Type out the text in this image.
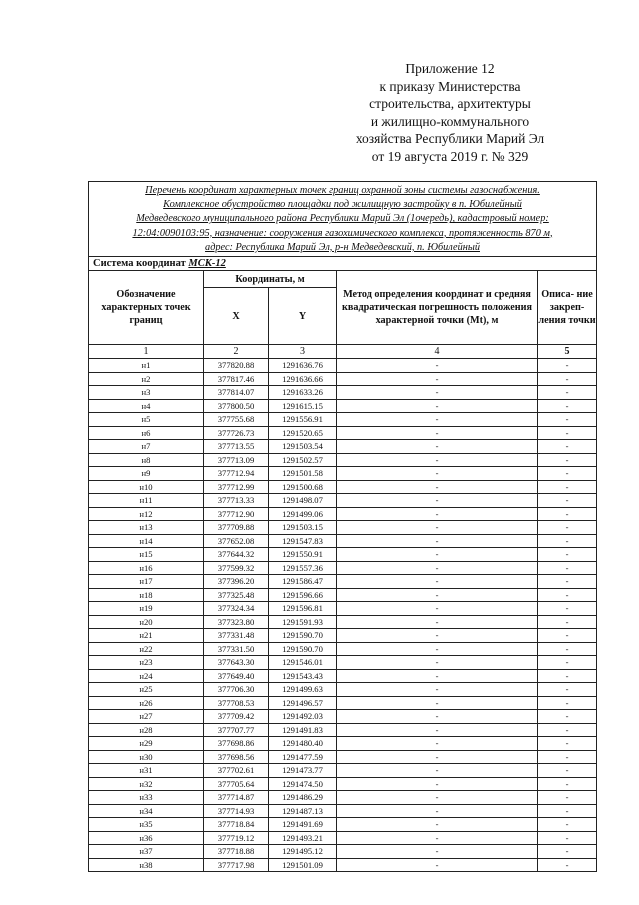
Приложение 12
к приказу Министерства
строительства, архитектуры
и жилищно-коммунального
хозяйства Республики Марий Эл
от 19 августа 2019 г. № 329
Перечень координат характерных точек границ охранной зоны системы газоснабжения.
Комплексное обустройство площадки под жилищную застройку в п. Юбилейный
Медведевского муниципального района Республики Марий Эл (1очередь), кадастровый номер:
12:04:0090103:95, назначение: сооружения газохимического комплекса, протяженность 870 м,
адрес: Республика Марий Эл, р-н Медведевский, п. Юбилейный				

Система координат МСК-12				
Обозначение характерных точек границ	Координаты, м		Метод определения координат и средняя квадратическая погрешность положения характерной точки (Mt), м	Описа- ние закреп- ления точки
	X	Y		
1	2	3	4	5
н1	377820.88	1291636.76	-	-
н2	377817.46	1291636.66	-	-
н3	377814.07	1291633.26	-	-
н4	377800.50	1291615.15	-	-
н5	377755.68	1291556.91	-	-
н6	377726.73	1291520.65	-	-
н7	377713.55	1291503.54	-	-
н8	377713.09	1291502.57	-	-
н9	377712.94	1291501.58	-	-
н10	377712.99	1291500.68	-	-
н11	377713.33	1291498.07	-	-
н12	377712.90	1291499.06	-	-
н13	377709.88	1291503.15	-	-
н14	377652.08	1291547.83	-	-
н15	377644.32	1291550.91	-	-
н16	377599.32	1291557.36	-	-
н17	377396.20	1291586.47	-	-
н18	377325.48	1291596.66	-	-
н19	377324.34	1291596.81	-	-
н20	377323.80	1291591.93	-	-
н21	377331.48	1291590.70	-	-
н22	377331.50	1291590.70	-	-
н23	377643.30	1291546.01	-	-
н24	377649.40	1291543.43	-	-
н25	377706.30	1291499.63	-	-
н26	377708.53	1291496.57	-	-
н27	377709.42	1291492.03	-	-
н28	377707.77	1291491.83	-	-
н29	377698.86	1291480.40	-	-
н30	377698.56	1291477.59	-	-
н31	377702.61	1291473.77	-	-
н32	377705.64	1291474.50	-	-
н33	377714.87	1291486.29	-	-
н34	377714.93	1291487.13	-	-
н35	377718.84	1291491.69	-	-
н36	377719.12	1291493.21	-	-
н37	377718.88	1291495.12	-	-
н38	377717.98	1291501.09	-	-
